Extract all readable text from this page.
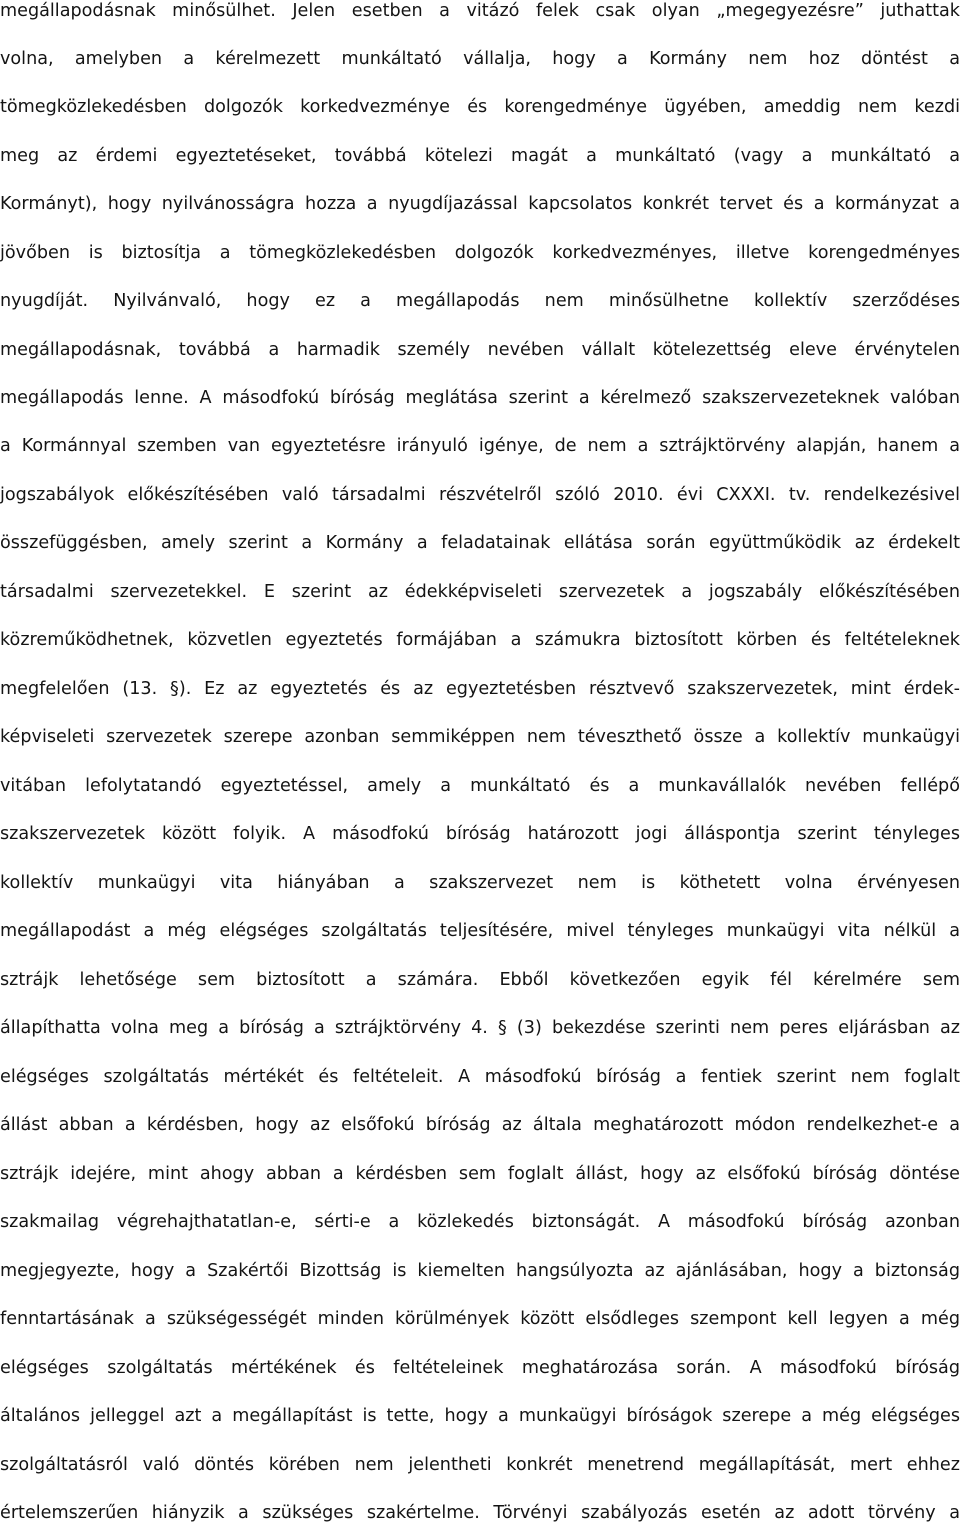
megállapodásnak minősülhet. Jelen esetben a vitázó felek csak olyan „megegyezésre” juthattak
volna, amelyben a kérelmezett munkáltató vállalja, hogy a Kormány nem hoz döntést a
tömegközlekedésben dolgozók korkedvezménye és korengedménye ügyében, ameddig nem kezdi
meg az érdemi egyeztetéseket, továbbá kötelezi magát a munkáltató (vagy a munkáltató a
Kormányt), hogy nyilvánosságra hozza a nyugdíjazással kapcsolatos konkrét tervet és a kormányzat a
jövőben is biztosítja a tömegközlekedésben dolgozók korkedvezményes, illetve korengedményes
nyugdíját. Nyilvánvaló, hogy ez a megállapodás nem minősülhetne kollektív szerződéses
megállapodásnak, továbbá a harmadik személy nevében vállalt kötelezettség eleve érvénytelen
megállapodás lenne. A másodfokú bíróság meglátása szerint a kérelmező szakszervezeteknek valóban
a Kormánnyal szemben van egyeztetésre irányuló igénye, de nem a sztrájktörvény alapján, hanem a
jogszabályok előkészítésében való társadalmi részvételről szóló 2010. évi CXXXI. tv. rendelkezésivel
összefüggésben, amely szerint a Kormány a feladatainak ellátása során együttműködik az érdekelt
társadalmi szervezetekkel. E szerint az édekképviseleti szervezetek a jogszabály előkészítésében
közreműködhetnek, közvetlen egyeztetés formájában a számukra biztosított körben és feltételeknek
megfelelően (13. §). Ez az egyeztetés és az egyeztetésben résztvevő szakszervezetek, mint érdek-
képviseleti szervezetek szerepe azonban semmiképpen nem téveszthető össze a kollektív munkaügyi
vitában lefolytatandó egyeztetéssel, amely a munkáltató és a munkavállalók nevében fellépő
szakszervezetek között folyik. A másodfokú bíróság határozott jogi álláspontja szerint tényleges
kollektív munkaügyi vita hiányában a szakszervezet nem is köthetett volna érvényesen
megállapodást a még elégséges szolgáltatás teljesítésére, mivel tényleges munkaügyi vita nélkül a
sztrájk lehetősége sem biztosított a számára. Ebből következően egyik fél kérelmére sem
állapíthatta volna meg a bíróság a sztrájktörvény 4. § (3) bekezdése szerinti nem peres eljárásban az
elégséges szolgáltatás mértékét és feltételeit. A másodfokú bíróság a fentiek szerint nem foglalt
állást abban a kérdésben, hogy az elsőfokú bíróság az általa meghatározott módon rendelkezhet-e a
sztrájk idejére, mint ahogy abban a kérdésben sem foglalt állást, hogy az elsőfokú bíróság döntése
szakmailag végrehajthatatlan-e, sérti-e a közlekedés biztonságát. A másodfokú bíróság azonban
megjegyezte, hogy a Szakértői Bizottság is kiemelten hangsúlyozta az ajánlásában, hogy a biztonság
fenntartásának a szükségességét minden körülmények között elsődleges szempont kell legyen a még
elégséges szolgáltatás mértékének és feltételeinek meghatározása során. A másodfokú bíróság
általános jelleggel azt a megállapítást is tette, hogy a munkaügyi bíróságok szerepe a még elégséges
szolgáltatásról való döntés körében nem jelentheti konkrét menetrend megállapítását, mert ehhez
értelemszerűen hiányzik a szükséges szakértelme. Törvényi szabályozás esetén az adott törvény a
